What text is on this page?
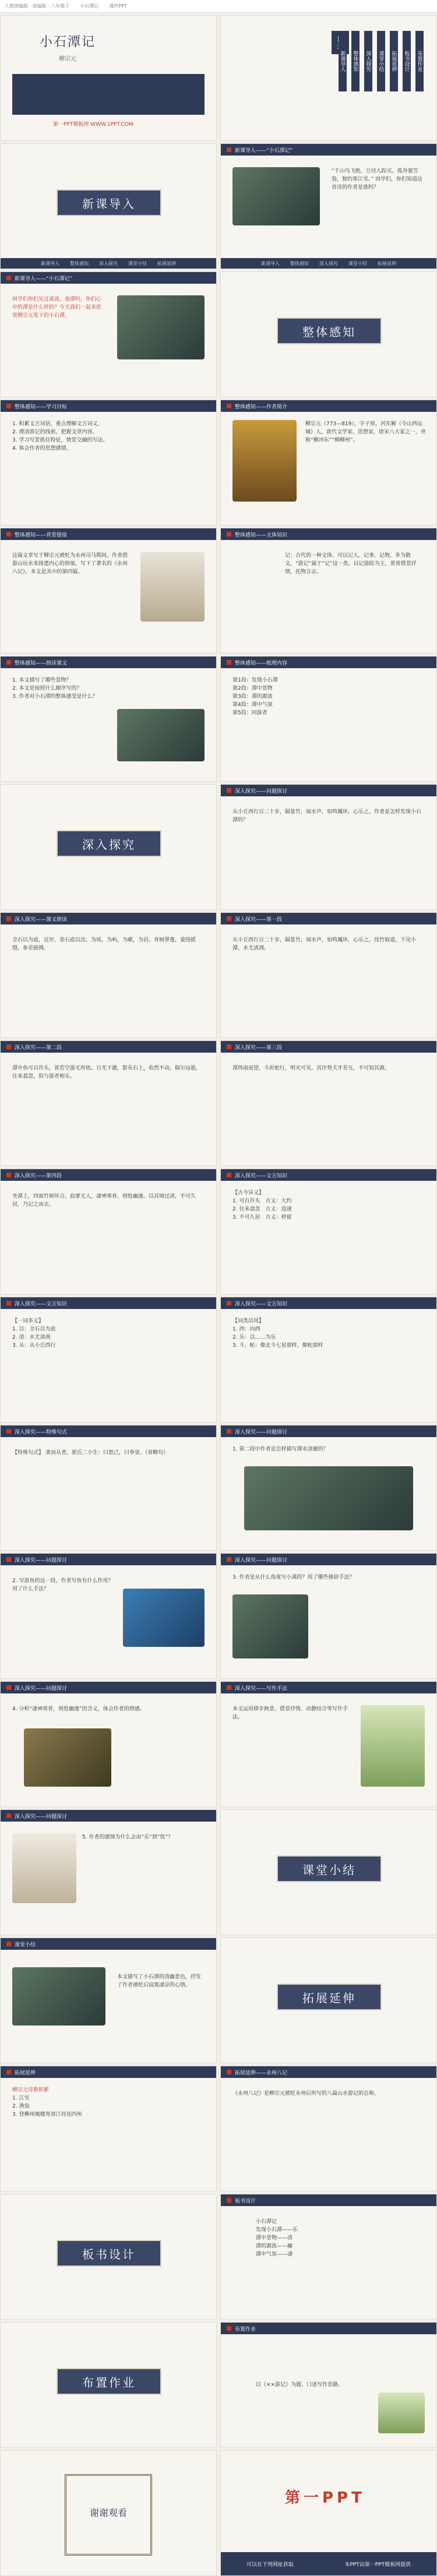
人教统编版 · 部编版 · 八年级下 小石潭记 课件PPT
小石潭记
柳宗元
第一PPT模板网 WWW.1PPT.COM
新课导入 整体感知 深入探究 课堂小结 拓展延伸 板书设计 布置作业
新课导入
新课导入 整体感知 深入探究 课堂小结 拓展延伸
新课导入——“小石潭记”
“千山鸟飞绝，万径人踪灭。孤舟蓑笠翁，独钓寒江雪。” 同学们，你们知道这首诗的作者是谁吗？
新课导入 整体感知 深入探究 课堂小结 拓展延伸
新课导入——“小石潭记”
同学们你们见过溪流、池潭吗，你们心中的潭是什么样的？今天我们一起来欣赏柳宗元笔下的小石潭。
整体感知
整体感知——学习目标
1. 积累文言词语，重点理解文言词义。
2. 理清游记的线索，把握文章内容。
3. 学习写景抓住特征，情景交融的写法。
4. 体会作者的思想感情。
整体感知——作者简介
柳宗元（773—819），字子厚，河东解（今山西运城）人，唐代文学家、思想家，唐宋八大家之一，世称“柳河东”“柳柳州”。
整体感知——背景链接
这篇文章写于柳宗元被贬为永州司马期间。作者借游山玩水来排遣内心的抑郁，写下了著名的《永州八记》，本文是其中的第四篇。
整体感知——文体知识
记：古代的一种文体。可以记人、记事、记物，多为散文，“游记”属于“记”这一类。以记游踪为主，常常借景抒情，托物言志。
整体感知——朗读课文
1. 本文描写了哪些景物？
2. 本文是按照什么顺序写的？
3. 作者对小石潭的整体感受是什么？
整体感知——梳理内容
第1段：发现小石潭
第2段：潭中景物
第3段：潭的源流
第4段：潭中气氛
第5段：同游者
深入探究
深入探究——问题探讨
从小丘西行百二十步，隔篁竹，闻水声，如鸣珮环，心乐之。作者是怎样发现小石潭的？
深入探究——课文朗读
全石以为底，近岸，卷石底以出，为坻，为屿，为嵁，为岩。青树翠蔓，蒙络摇缀，参差披拂。
深入探究——第一段
从小丘西行百二十步，隔篁竹，闻水声，如鸣珮环，心乐之。伐竹取道，下见小潭，水尤清冽。
深入探究——第二段
潭中鱼可百许头，皆若空游无所依。日光下澈，影布石上，佁然不动，俶尔远逝，往来翕忽，似与游者相乐。
深入探究——第三段
潭西南而望，斗折蛇行，明灭可见。其岸势犬牙差互，不可知其源。
深入探究——第四段
坐潭上，四面竹树环合，寂寥无人，凄神寒骨，悄怆幽邃。以其境过清，不可久居，乃记之而去。
深入探究——文言知识
【古今异义】
1. 可百许头　古义：大约
2. 往来翕忽　古义：迅速
3. 不可久居　古义：停留
深入探究——文言知识
【一词多义】
1. 以：全石以为底
2. 清：水尤清冽
3. 从：从小丘西行
深入探究——文言知识
【词类活用】
1. 西：向西
2. 乐：以……为乐
3. 斗、蛇：像北斗七星那样，像蛇那样
深入探究——特殊句式
【特殊句式】 隶而从者，崔氏二小生：曰恕己，曰奉壹。（省略句）
深入探究——问题探讨
1. 第二段中作者是怎样描写潭水清澈的？
深入探究——问题探讨
2. 写游鱼的这一段，作者写鱼有什么作用？用了什么手法？
深入探究——问题探讨
3. 作者是从什么角度写小溪的？用了哪些修辞手法？
深入探究——问题探讨
4. 分析“凄神寒骨，悄怆幽邃”的含义，体会作者的情感。
深入探究——写作手法
本文运用移步换景、借景抒情、动静结合等写作手法。
深入探究——问题探讨
5. 作者的感情为什么会由“乐”到“忧”？
课堂小结
课堂小结
本文描写了小石潭的清幽景色，抒发了作者被贬后寂寞凄凉的心情。
拓展延伸
拓展延伸
柳宗元诗歌积累
1. 江雪
2. 渔翁
3. 登柳州城楼寄漳汀封连四州
拓展延伸——永州八记
《永州八记》是柳宗元被贬永州后所写的八篇山水游记的总称。
板书设计
板书设计
小石潭记
发现小石潭——乐
潭中景物——清
潭的源流——幽
潭中气氛——凄
布置作业
布置作业
以《××游记》为题，口述写作思路。
谢谢观看
第一PPT
可以在下列网址获取	本PPT由第一PPT模板网提供
